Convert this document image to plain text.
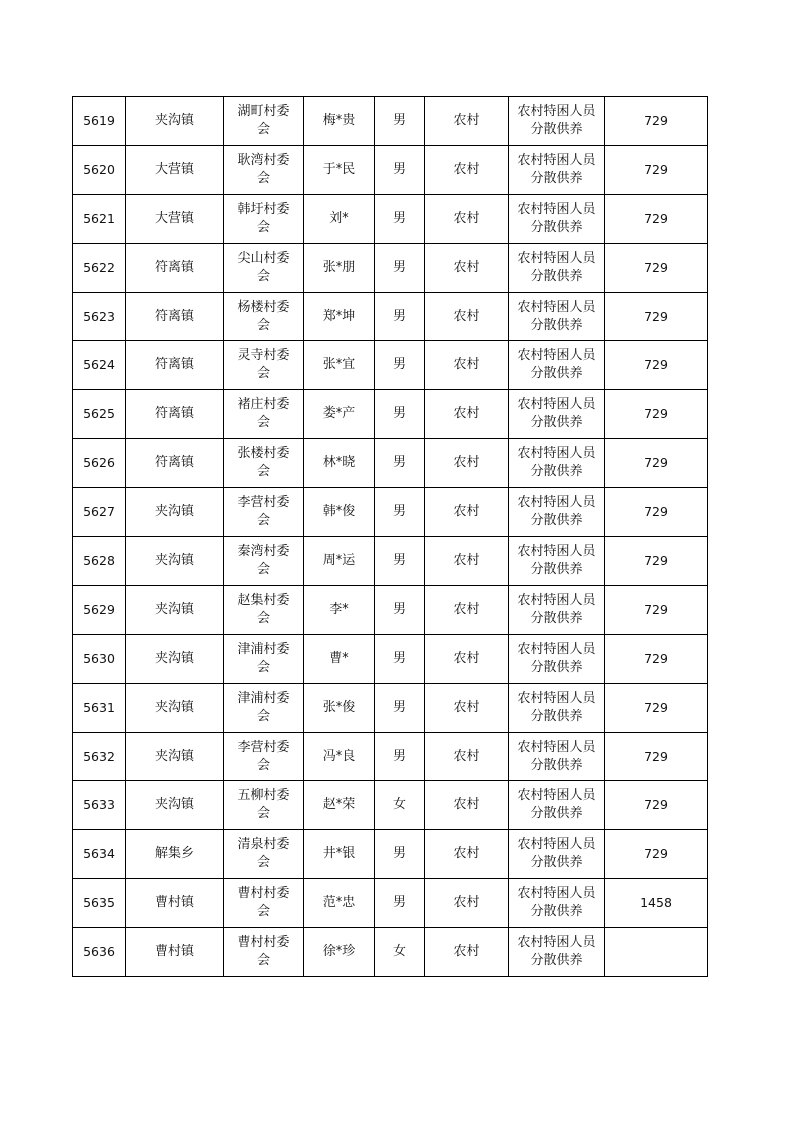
5619	夹沟镇	湖町村委
会	梅*贵	男	农村	农村特困人员
分散供养	729
5620	大营镇	耿湾村委
会	于*民	男	农村	农村特困人员
分散供养	729
5621	大营镇	韩圩村委
会	刘*	男	农村	农村特困人员
分散供养	729
5622	符离镇	尖山村委
会	张*朋	男	农村	农村特困人员
分散供养	729
5623	符离镇	杨楼村委
会	郑*坤	男	农村	农村特困人员
分散供养	729
5624	符离镇	灵寺村委
会	张*宜	男	农村	农村特困人员
分散供养	729
5625	符离镇	褚庄村委
会	娄*产	男	农村	农村特困人员
分散供养	729
5626	符离镇	张楼村委
会	林*晓	男	农村	农村特困人员
分散供养	729
5627	夹沟镇	李营村委
会	韩*俊	男	农村	农村特困人员
分散供养	729
5628	夹沟镇	秦湾村委
会	周*运	男	农村	农村特困人员
分散供养	729
5629	夹沟镇	赵集村委
会	李*	男	农村	农村特困人员
分散供养	729
5630	夹沟镇	津浦村委
会	曹*	男	农村	农村特困人员
分散供养	729
5631	夹沟镇	津浦村委
会	张*俊	男	农村	农村特困人员
分散供养	729
5632	夹沟镇	李营村委
会	冯*良	男	农村	农村特困人员
分散供养	729
5633	夹沟镇	五柳村委
会	赵*荣	女	农村	农村特困人员
分散供养	729
5634	解集乡	清泉村委
会	井*银	男	农村	农村特困人员
分散供养	729
5635	曹村镇	曹村村委
会	范*忠	男	农村	农村特困人员
分散供养	1458
5636	曹村镇	曹村村委
会	徐*珍	女	农村	农村特困人员
分散供养	
